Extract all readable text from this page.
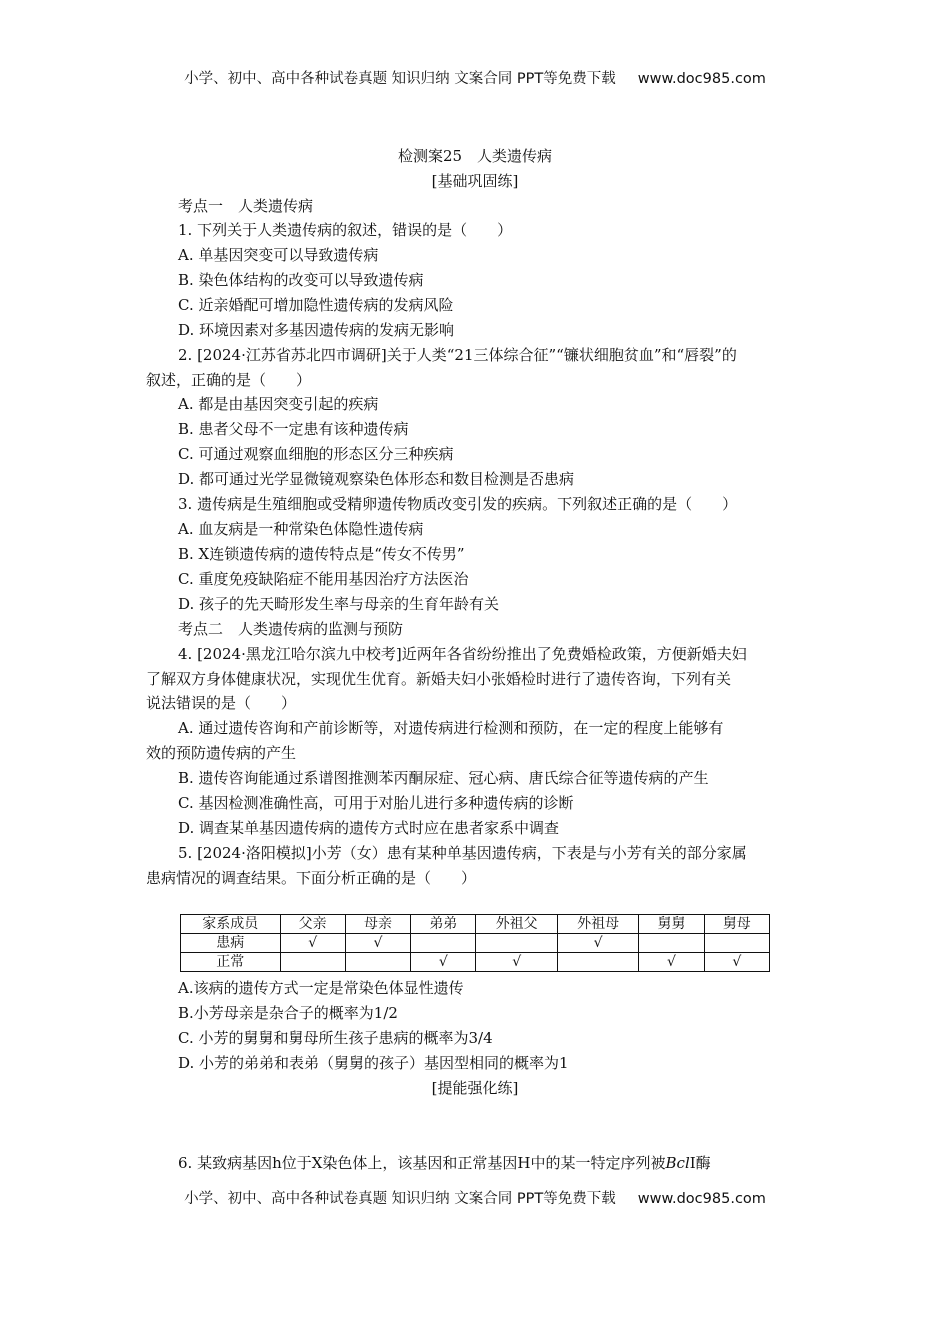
小学、初中、高中各种试卷真题 知识归纳 文案合同 PPT等免费下载 www.doc985.com
检测案25　人类遗传病
[基础巩固练]
考点一　人类遗传病
1. 下列关于人类遗传病的叙述，错误的是（　　）
A. 单基因突变可以导致遗传病
B. 染色体结构的改变可以导致遗传病
C. 近亲婚配可增加隐性遗传病的发病风险
D. 环境因素对多基因遗传病的发病无影响
2. [2024·江苏省苏北四市调研]关于人类“21三体综合征”“镰状细胞贫血”和“唇裂”的
叙述，正确的是（　　）
A. 都是由基因突变引起的疾病
B. 患者父母不一定患有该种遗传病
C. 可通过观察血细胞的形态区分三种疾病
D. 都可通过光学显微镜观察染色体形态和数目检测是否患病
3. 遗传病是生殖细胞或受精卵遗传物质改变引发的疾病。下列叙述正确的是（　　）
A. 血友病是一种常染色体隐性遗传病
B. X连锁遗传病的遗传特点是“传女不传男”
C. 重度免疫缺陷症不能用基因治疗方法医治
D. 孩子的先天畸形发生率与母亲的生育年龄有关
考点二　人类遗传病的监测与预防
4. [2024·黑龙江哈尔滨九中校考]近两年各省纷纷推出了免费婚检政策，方便新婚夫妇
了解双方身体健康状况，实现优生优育。新婚夫妇小张婚检时进行了遗传咨询，下列有关
说法错误的是（　　）
A. 通过遗传咨询和产前诊断等，对遗传病进行检测和预防，在一定的程度上能够有
效的预防遗传病的产生
B. 遗传咨询能通过系谱图推测苯丙酮尿症、冠心病、唐氏综合征等遗传病的产生
C. 基因检测准确性高，可用于对胎儿进行多种遗传病的诊断
D. 调查某单基因遗传病的遗传方式时应在患者家系中调查
5. [2024·洛阳模拟]小芳（女）患有某种单基因遗传病，下表是与小芳有关的部分家属
患病情况的调查结果。下面分析正确的是（　　）
家系成员	父亲	母亲	弟弟	外祖父	外祖母	舅舅	舅母
患病	√	√			√		
正常			√	√		√	√
A.该病的遗传方式一定是常染色体显性遗传
B.小芳母亲是杂合子的概率为1/2
C. 小芳的舅舅和舅母所生孩子患病的概率为3/4
D. 小芳的弟弟和表弟（舅舅的孩子）基因型相同的概率为1
[提能强化练]
6. 某致病基因h位于X染色体上，该基因和正常基因H中的某一特定序列被BclI酶
小学、初中、高中各种试卷真题 知识归纳 文案合同 PPT等免费下载 www.doc985.com
